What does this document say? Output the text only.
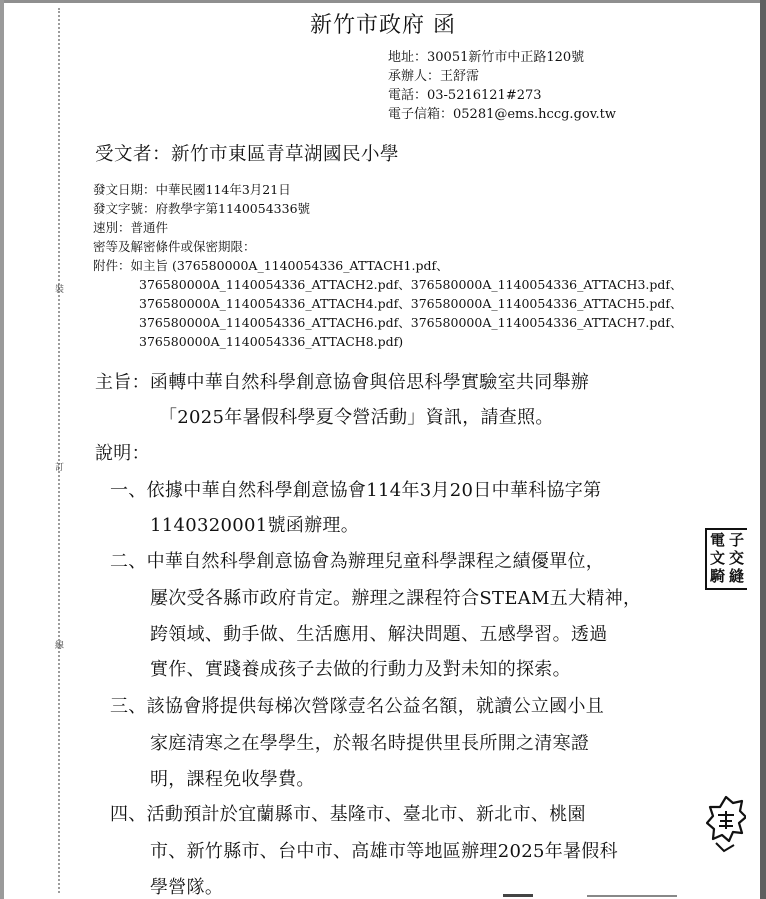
裝
訂
線
新竹市政府 函
地址：30051新竹市中正路120號
承辦人：王舒霈
電話：03-5216121#273
電子信箱：05281@ems.hccg.gov.tw
受文者：新竹市東區青草湖國民小學
發文日期：中華民國114年3月21日
發文字號：府教學字第1140054336號
速別：普通件
密等及解密條件或保密期限：
附件：如主旨 (376580000A_1140054336_ATTACH1.pdf、
376580000A_1140054336_ATTACH2.pdf、376580000A_1140054336_ATTACH3.pdf、
376580000A_1140054336_ATTACH4.pdf、376580000A_1140054336_ATTACH5.pdf、
376580000A_1140054336_ATTACH6.pdf、376580000A_1140054336_ATTACH7.pdf、
376580000A_1140054336_ATTACH8.pdf)
主旨：函轉中華自然科學創意協會與倍思科學實驗室共同舉辦
「2025年暑假科學夏令營活動」資訊，請查照。
說明：
一、依據中華自然科學創意協會114年3月20日中華科協字第
1140320001號函辦理。
二、中華自然科學創意協會為辦理兒童科學課程之績優單位，
屢次受各縣市政府肯定。辦理之課程符合STEAM五大精神，
跨領域、動手做、生活應用、解決問題、五感學習。透過
實作、實踐養成孩子去做的行動力及對未知的探索。
三、該協會將提供每梯次營隊壹名公益名額，就讀公立國小且
家庭清寒之在學學生，於報名時提供里長所開之清寒證
明，課程免收學費。
四、活動預計於宜蘭縣市、基隆市、臺北市、新北市、桃園
市、新竹縣市、台中市、高雄市等地區辦理2025年暑假科
學營隊。
電 子
文 交
騎 縫
